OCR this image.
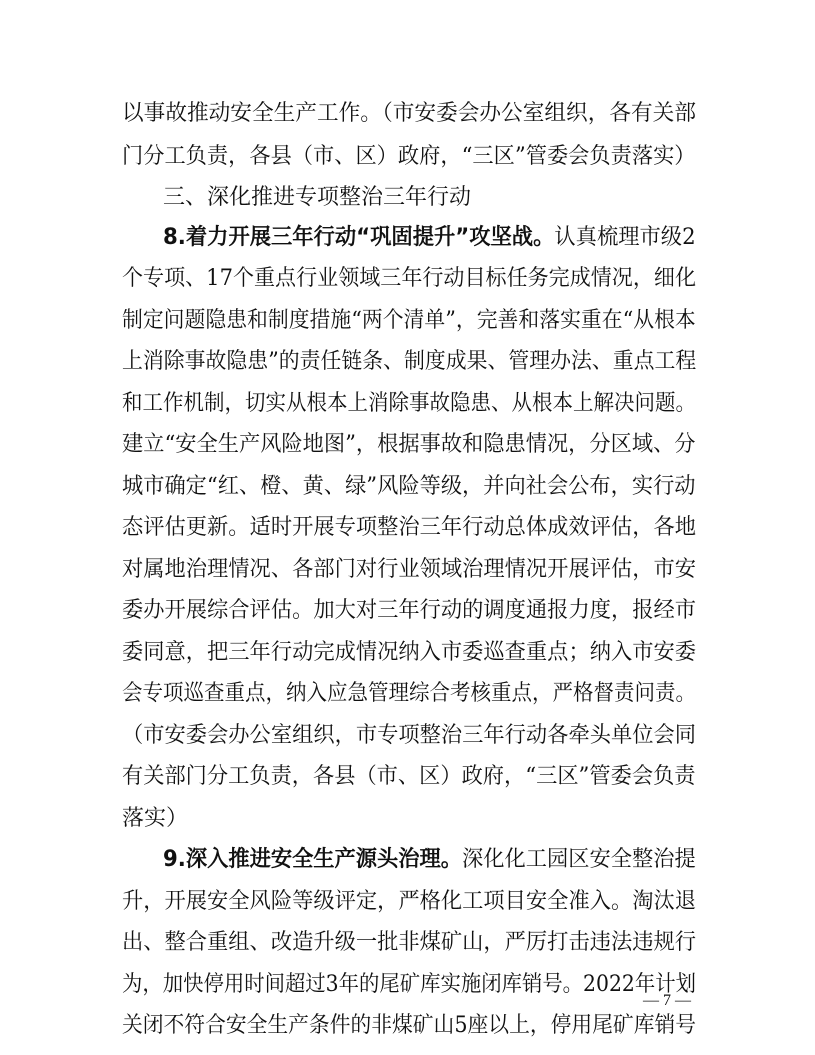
以事故推动安全生产工作。（市安委会办公室组织，各有关部
门分工负责，各县（市、区）政府，“三区”管委会负责落实）
三、深化推进专项整治三年行动
8.着力开展三年行动“巩固提升”攻坚战。认真梳理市级2
个专项、17个重点行业领域三年行动目标任务完成情况，细化
制定问题隐患和制度措施“两个清单”，完善和落实重在“从根本
上消除事故隐患”的责任链条、制度成果、管理办法、重点工程
和工作机制，切实从根本上消除事故隐患、从根本上解决问题。
建立“安全生产风险地图”，根据事故和隐患情况，分区域、分
城市确定“红、橙、黄、绿”风险等级，并向社会公布，实行动
态评估更新。适时开展专项整治三年行动总体成效评估，各地
对属地治理情况、各部门对行业领域治理情况开展评估，市安
委办开展综合评估。加大对三年行动的调度通报力度，报经市
委同意，把三年行动完成情况纳入市委巡查重点；纳入市安委
会专项巡查重点，纳入应急管理综合考核重点，严格督责问责。
（市安委会办公室组织，市专项整治三年行动各牵头单位会同
有关部门分工负责，各县（市、区）政府，“三区”管委会负责
落实）
9.深入推进安全生产源头治理。深化化工园区安全整治提
升，开展安全风险等级评定，严格化工项目安全准入。淘汰退
出、整合重组、改造升级一批非煤矿山，严厉打击违法违规行
为，加快停用时间超过3年的尾矿库实施闭库销号。2022年计划
关闭不符合安全生产条件的非煤矿山5座以上，停用尾矿库销号
— 7 —
